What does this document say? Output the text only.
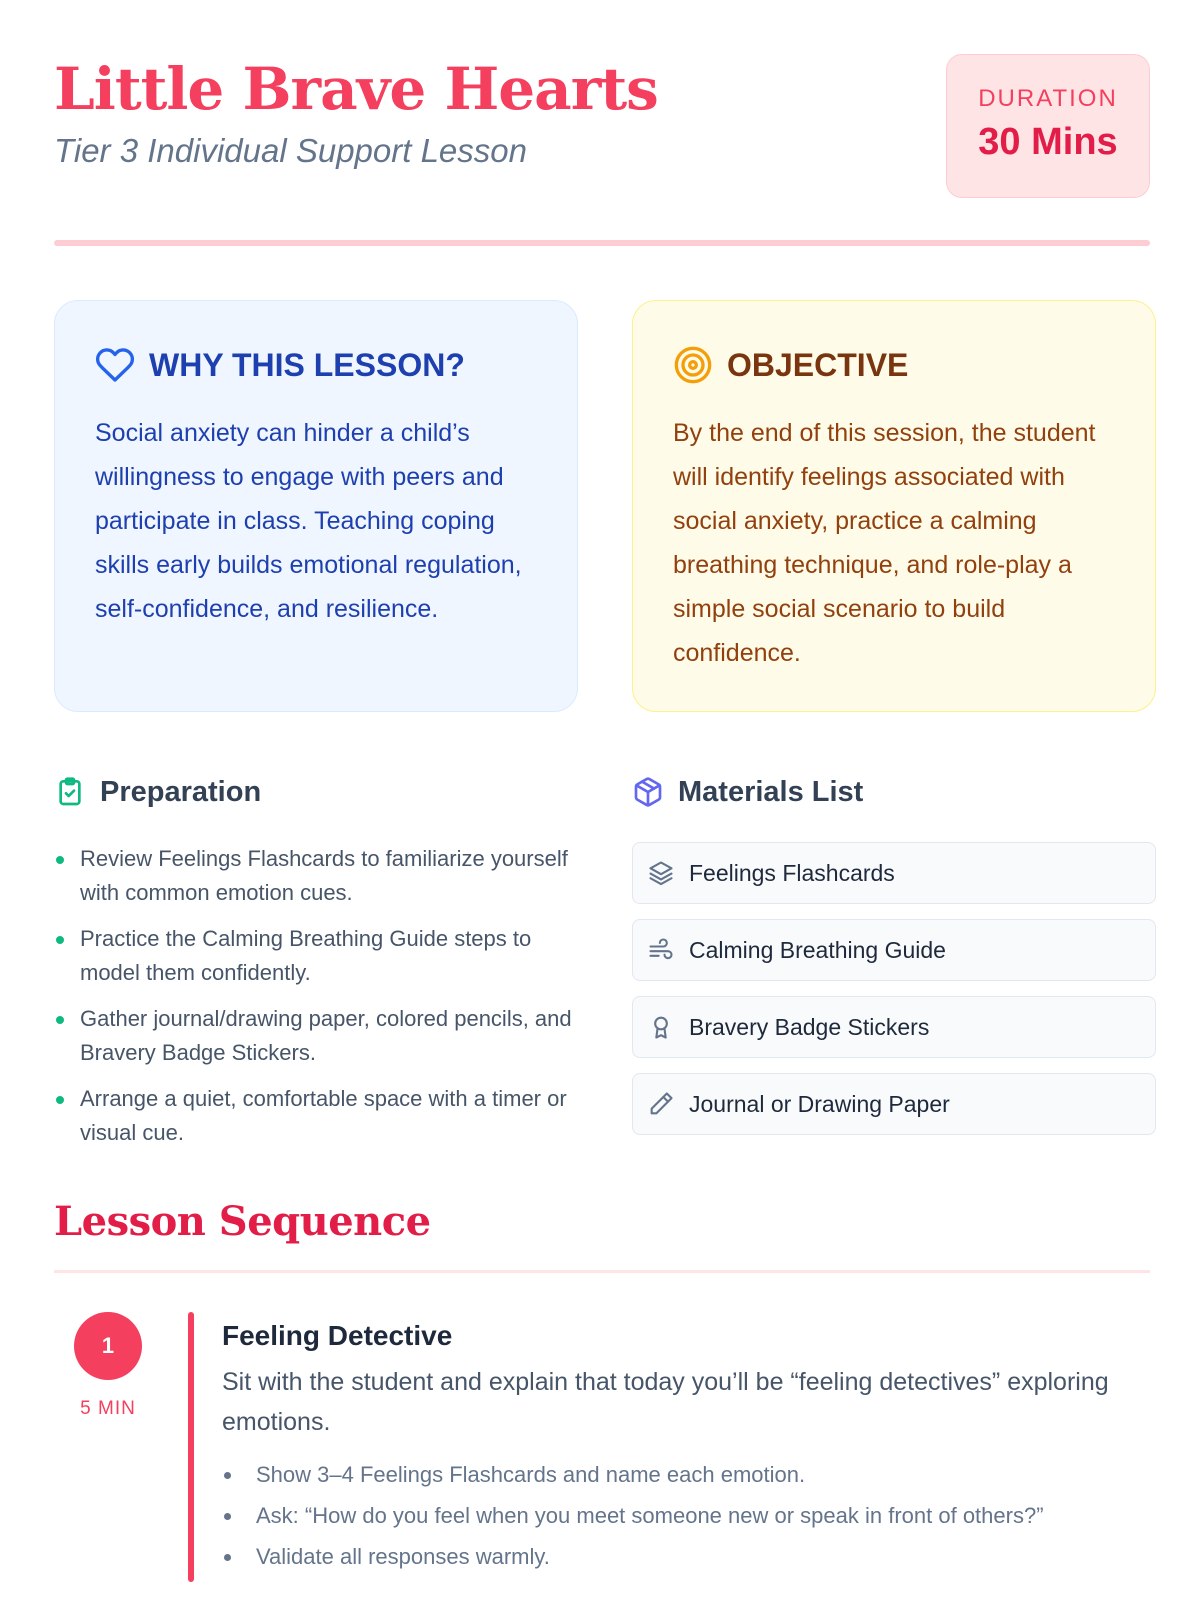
Little Brave Hearts
Tier 3 Individual Support Lesson
DURATION
30 Mins
WHY THIS LESSON?
Social anxiety can hinder a child’s willingness to engage with peers and participate in class. Teaching coping skills early builds emotional regulation, self-confidence, and resilience.
OBJECTIVE
By the end of this session, the student will identify feelings associated with social anxiety, practice a calming breathing technique, and role-play a simple social scenario to build confidence.
Preparation
Review Feelings Flashcards to familiarize yourself with common emotion cues.
Practice the Calming Breathing Guide steps to model them confidently.
Gather journal/drawing paper, colored pencils, and Bravery Badge Stickers.
Arrange a quiet, comfortable space with a timer or visual cue.
Materials List
Feelings Flashcards
Calming Breathing Guide
Bravery Badge Stickers
Journal or Drawing Paper
Lesson Sequence
1
5 MIN
Feeling Detective
Sit with the student and explain that today you’ll be “feeling detectives” exploring emotions.
Show 3–4 Feelings Flashcards and name each emotion.
Ask: “How do you feel when you meet someone new or speak in front of others?”
Validate all responses warmly.
